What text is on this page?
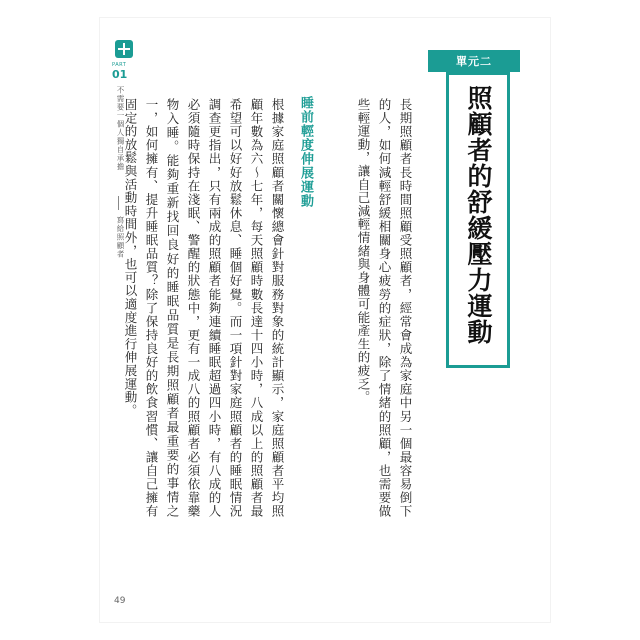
PART
01
不需要一個人獨自承擔
寫給照顧者
單元二
照顧者的舒緩壓力運動
長期照顧者長時間照顧受照顧者，經常會成為家庭中另一個最容易倒下的人，如何減輕舒緩相關身心疲勞的症狀，除了情緒的照顧，也需要做些輕運動，讓自己減輕情緒與身體可能產生的疲乏。
睡前輕度伸展運動
根據家庭照顧者關懷總會針對服務對象的統計顯示，家庭照顧者平均照顧年數為六～七年，每天照顧時數長達十四小時，八成以上的照顧者最希望可以好好放鬆休息、睡個好覺。而一項針對家庭照顧者的睡眠情況調查更指出，只有兩成的照顧者能夠連續睡眠超過四小時，有八成的人必須隨時保持在淺眠、警醒的狀態中，更有一成八的照顧者必須依靠藥物入睡。能夠重新找回良好的睡眠品質是長期照顧者最重要的事情之一，如何擁有、提升睡眠品質？除了保持良好的飲食習慣、讓自己擁有固定的放鬆與活動時間外，也可以適度進行伸展運動。
49
